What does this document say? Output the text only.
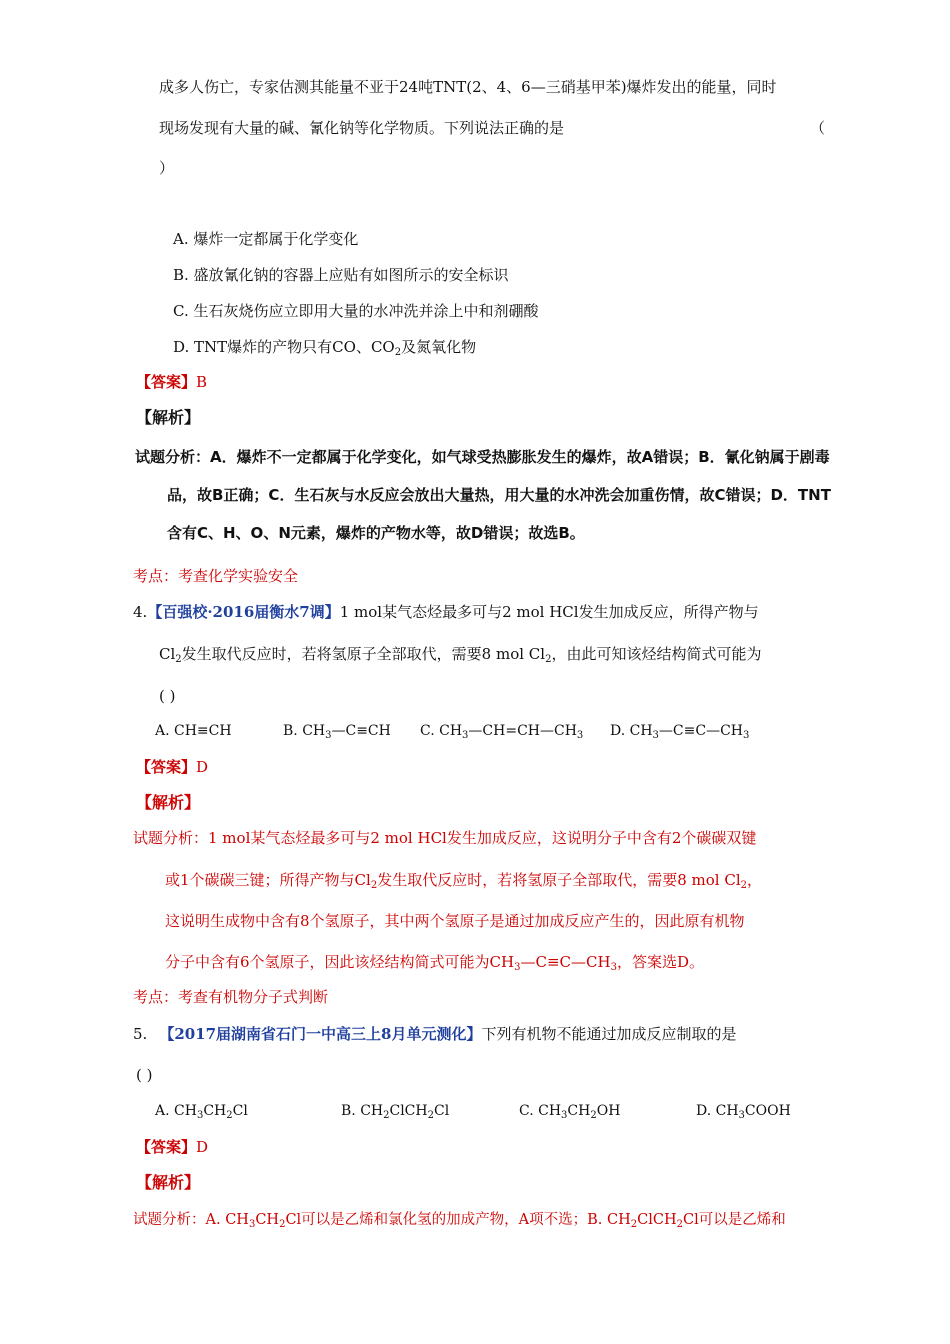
成多人伤亡，专家估测其能量不亚于24吨TNT(2、4、6—三硝基甲苯)爆炸发出的能量，同时
现场发现有大量的碱、氰化钠等化学物质。下列说法正确的是	（
）
A. 爆炸一定都属于化学变化
B. 盛放氰化钠的容器上应贴有如图所示的安全标识
C. 生石灰烧伤应立即用大量的水冲洗并涂上中和剂硼酸
D. TNT爆炸的产物只有CO、$CO_2$及氮氧化物
【答案】B
【解析】
试题分析：A．爆炸不一定都属于化学变化，如气球受热膨胀发生的爆炸，故A错误；B．氰化钠属于剧毒
品，故B正确；C．生石灰与水反应会放出大量热，用大量的水冲洗会加重伤情，故C错误；D．TNT
含有C、H、O、N元素，爆炸的产物水等，故D错误；故选B。
考点：考查化学实验安全
4.【百强校·2016届衡水7调】1 mol某气态烃最多可与2 mol HCl发生加成反应，所得产物与
$Cl_2$发生取代反应时，若将氢原子全部取代，需要8 mol $Cl_2$，由此可知该烃结构简式可能为
( )
A. CH≡CH	B. $CH_3—C\equiv CH$ C. $CH_3—CH=CH—CH_3$ D. $CH_3—C\equiv C—CH_3$
【答案】D
【解析】
试题分析：1 mol某气态烃最多可与2 mol HCl发生加成反应，这说明分子中含有2个碳碳双键
或1个碳碳三键；所得产物与$Cl_2$发生取代反应时，若将氢原子全部取代，需要8 mol $Cl_2$，
这说明生成物中含有8个氢原子，其中两个氢原子是通过加成反应产生的，因此原有机物
分子中含有6个氢原子，因此该烃结构简式可能为$CH_3—C\equiv C—CH_3$，答案选D。
考点：考查有机物分子式判断
5. 【2017届湖南省石门一中高三上8月单元测化】下列有机物不能通过加成反应制取的是
( )
A. $CH_3CH_2Cl$	B. $CH_2ClCH_2Cl$	C. $CH_3CH_2OH$	D. $CH_3COOH$
【答案】D
【解析】
试题分析：A. $CH_3CH_2Cl$可以是乙烯和氯化氢的加成产物，A项不选；B. $CH_2ClCH_2Cl$可以是乙烯和
